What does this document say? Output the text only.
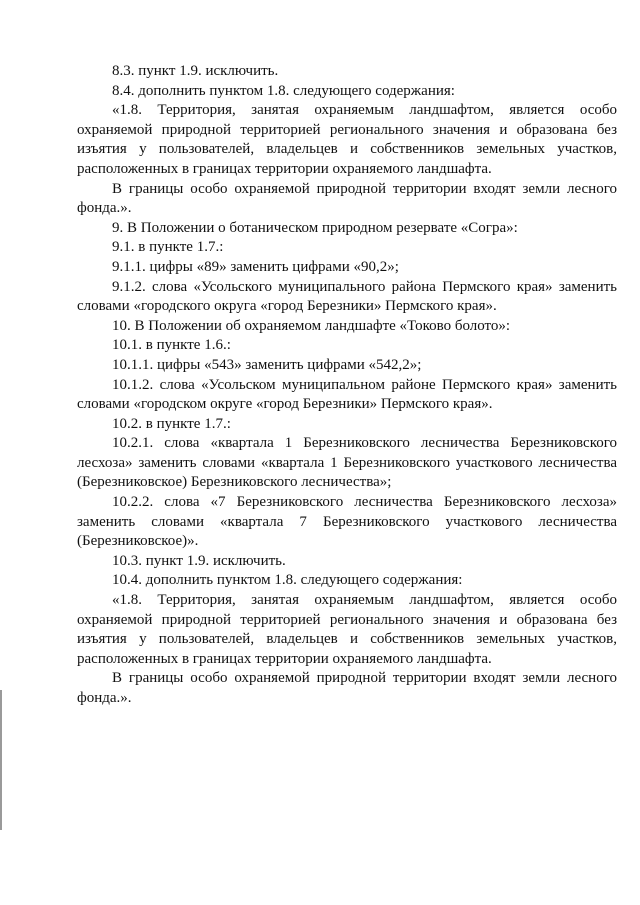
8.3. пункт 1.9. исключить.

8.4. дополнить пунктом 1.8. следующего содержания:

«1.8. Территория, занятая охраняемым ландшафтом, является особо охраняемой природной территорией регионального значения и образована без изъятия у пользователей, владельцев и собственников земельных участков, расположенных в границах территории охраняемого ландшафта.

В границы особо охраняемой природной территории входят земли лесного фонда.».

9. В Положении о ботаническом природном резервате «Согра»:

9.1. в пункте 1.7.:

9.1.1. цифры «89» заменить цифрами «90,2»;

9.1.2. слова «Усольского муниципального района Пермского края» заменить словами «городского округа «город Березники» Пермского края».

10. В Положении об охраняемом ландшафте «Токово болото»:

10.1. в пункте 1.6.:

10.1.1. цифры «543» заменить цифрами «542,2»;

10.1.2. слова «Усольском муниципальном районе Пермского края» заменить словами «городском округе «город Березники» Пермского края».

10.2. в пункте 1.7.:

10.2.1. слова «квартала 1 Березниковского лесничества Березниковского лесхоза» заменить словами «квартала 1 Березниковского участкового лесничества (Березниковское) Березниковского лесничества»;

10.2.2. слова «7 Березниковского лесничества Березниковского лесхоза» заменить словами «квартала 7 Березниковского участкового лесничества (Березниковское)».

10.3. пункт 1.9. исключить.

10.4. дополнить пунктом 1.8. следующего содержания:

«1.8. Территория, занятая охраняемым ландшафтом, является особо охраняемой природной территорией регионального значения и образована без изъятия у пользователей, владельцев и собственников земельных участков, расположенных в границах территории охраняемого ландшафта.

В границы особо охраняемой природной территории входят земли лесного фонда.».
